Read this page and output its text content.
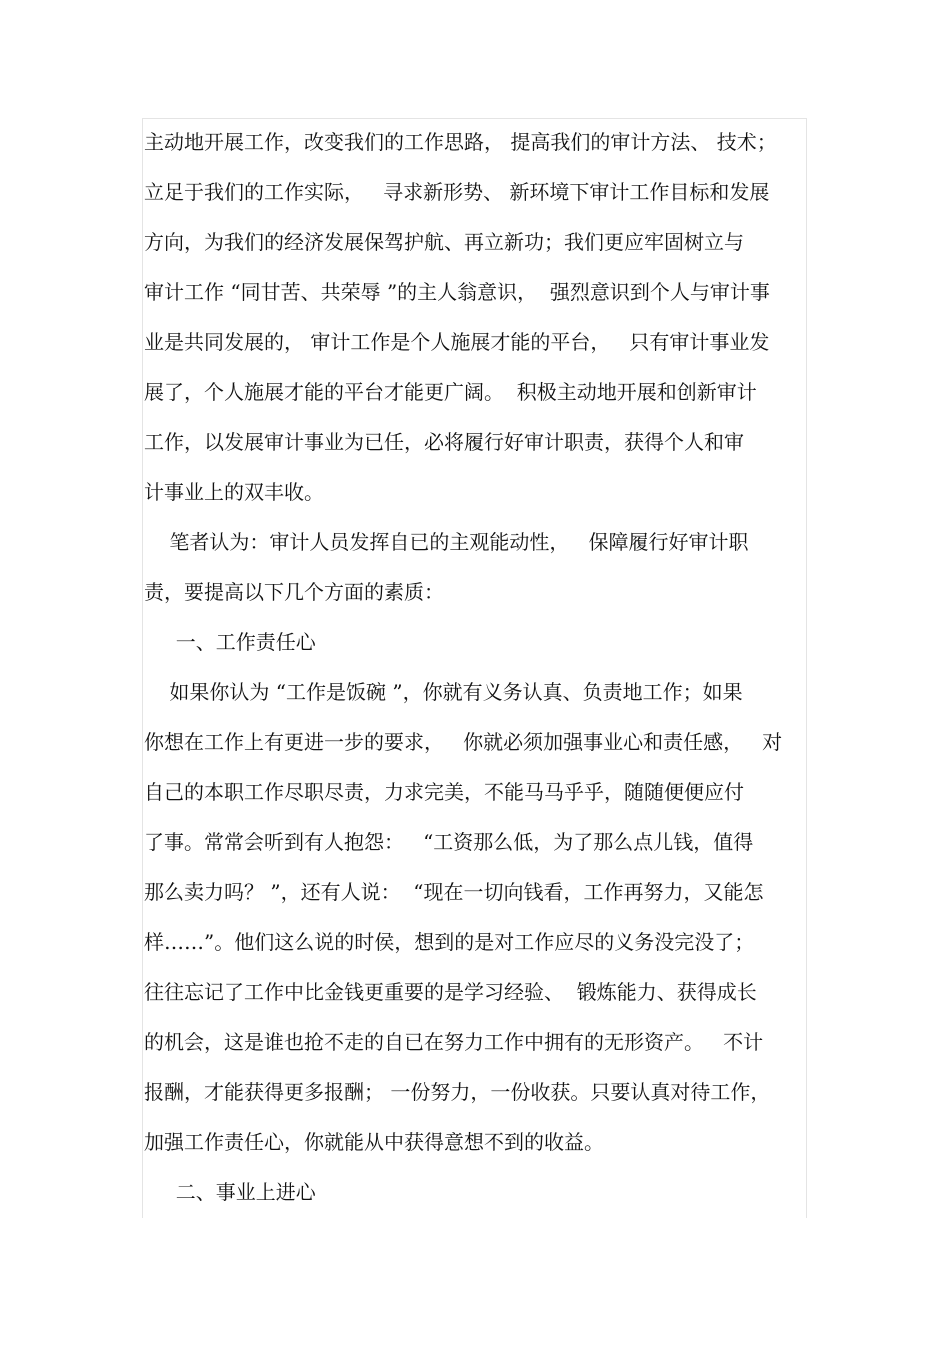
主动地开展工作，改变我们的工作思路， 提高我们的审计方法、 技术；
立足于我们的工作实际，   寻求新形势、 新环境下审计工作目标和发展
方向，为我们的经济发展保驾护航、再立新功；我们更应牢固树立与
审计工作 “同甘苦、共荣辱 ”的主人翁意识，  强烈意识到个人与审计事
业是共同发展的， 审计工作是个人施展才能的平台，   只有审计事业发
展了，个人施展才能的平台才能更广阔。  积极主动地开展和创新审计
工作，以发展审计事业为已任，必将履行好审计职责，获得个人和审
计事业上的双丰收。
笔者认为：审计人员发挥自已的主观能动性，   保障履行好审计职
责，要提高以下几个方面的素质：
一、工作责任心
如果你认为 “工作是饭碗 ”，你就有义务认真、负责地工作；如果
你想在工作上有更进一步的要求，   你就必须加强事业心和责任感，   对
自己的本职工作尽职尽责，力求完美，不能马马乎乎，随随便便应付
了事。常常会听到有人抱怨：   “工资那么低，为了那么点儿钱，值得
那么卖力吗？ ”，还有人说：  “现在一切向钱看，工作再努力，又能怎
样……”。他们这么说的时侯，想到的是对工作应尽的义务没完没了；
往往忘记了工作中比金钱更重要的是学习经验、  锻炼能力、获得成长
的机会，这是谁也抢不走的自已在努力工作中拥有的无形资产。   不计
报酬，才能获得更多报酬； 一份努力，一份收获。只要认真对待工作，
加强工作责任心，你就能从中获得意想不到的收益。
二、事业上进心
